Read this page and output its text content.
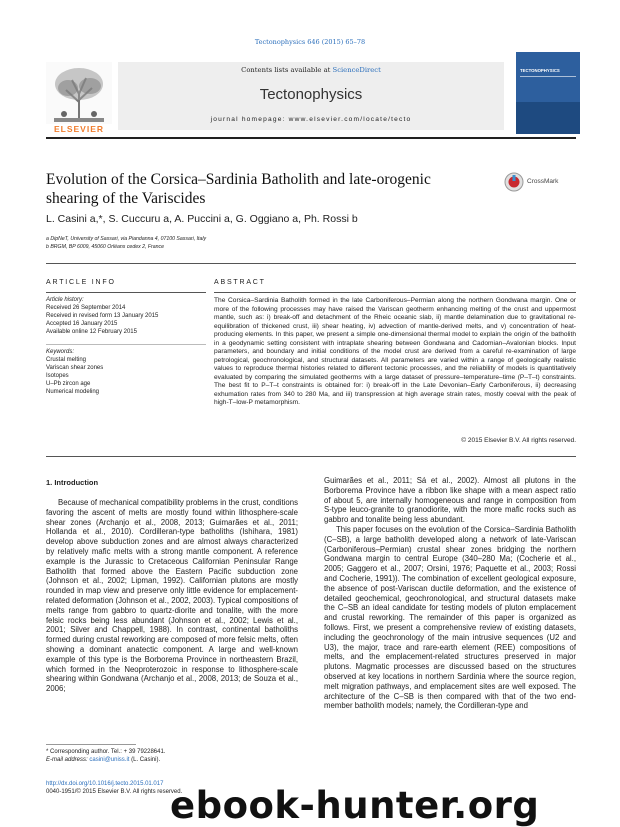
Tectonophysics 646 (2015) 65–78
ELSEVIER
Contents lists available at ScienceDirect
Tectonophysics
journal homepage: www.elsevier.com/locate/tecto
TECTONOPHYSICS
Evolution of the Corsica–Sardinia Batholith and late-orogenic shearing of the Variscides
CrossMark
L. Casini a,*, S. Cuccuru a, A. Puccini a, G. Oggiano a, Ph. Rossi b
a DipNeT, University of Sassari, via Piandanna 4, 07100 Sassari, Italy
b BRGM, BP 6009, 45060 Orléans cedex 2, France
ARTICLE INFO	ABSTRACT
Article history:
Received 26 September 2014
Received in revised form 13 January 2015
Accepted 16 January 2015
Available online 12 February 2015
Keywords:
Crustal melting
Variscan shear zones
Isotopes
U–Pb zircon age
Numerical modeling
The Corsica–Sardinia Batholith formed in the late Carboniferous–Permian along the northern Gondwana margin. One or more of the following processes may have raised the Variscan geotherm enhancing melting of the crust and uppermost mantle, such as: i) break-off and detachment of the Rheic oceanic slab, ii) mantle delamination due to gravitational re-equilibration of thickened crust, iii) shear heating, iv) advection of mantle-derived melts, and v) concentration of heat-producing elements. In this paper, we present a simple one-dimensional thermal model to explain the origin of the batholith in a geodynamic setting consistent with intraplate shearing between Gondwana and Cadomian–Avalonian blocks. Input parameters, and boundary and initial conditions of the model crust are derived from a careful re-examination of large petrological, geochronological, and structural datasets. All parameters are varied within a range of geologically realistic values to reproduce thermal histories related to different tectonic processes, and the reliability of models is quantitatively evaluated by comparing the simulated geotherms with a large dataset of pressure–temperature–time (P–T–t) constraints. The best fit to P–T–t constraints is obtained for: i) break-off in the Late Devonian–Early Carboniferous, ii) decreasing exhumation rates from 340 to 280 Ma, and iii) transpression at high average strain rates, mostly coeval with the peak of high-T–low-P metamorphism.
© 2015 Elsevier B.V. All rights reserved.
1. Introduction

Because of mechanical compatibility problems in the crust, conditions favoring the ascent of melts are mostly found within lithosphere-scale shear zones (Archanjo et al., 2008, 2013; Guimarães et al., 2011; Hollanda et al., 2010). Cordilleran-type batholiths (Ishihara, 1981) develop above subduction zones and are almost always characterized by relatively mafic melts with a strong mantle component. A reference example is the Jurassic to Cretaceous Californian Peninsular Range Batholith that formed above the Eastern Pacific subduction zone (Johnson et al., 2002; Lipman, 1992). Californian plutons are mostly rounded in map view and preserve only little evidence for emplacement-related deformation (Johnson et al., 2002, 2003). Typical compositions of melts range from gabbro to quartz-diorite and tonalite, with the more felsic rocks being less abundant (Johnson et al., 2002; Lewis et al., 2001; Silver and Chappell, 1988). In contrast, continental batholiths formed during crustal reworking are composed of more felsic melts, often showing a dominant anatectic component. A large and well-known example of this type is the Borborema Province in northeastern Brazil, which formed in the Neoproterozoic in response to lithosphere-scale shearing within Gondwana (Archanjo et al., 2008, 2013; de Souza et al., 2006;

Guimarães et al., 2011; Sá et al., 2002). Almost all plutons in the Borborema Province have a ribbon like shape with a mean aspect ratio of about 5, are internally homogeneous and range in composition from S-type leuco-granite to granodiorite, with the more mafic rocks such as gabbro and tonalite being less abundant.

This paper focuses on the evolution of the Corsica–Sardinia Batholith (C–SB), a large batholith developed along a network of late-Variscan (Carboniferous–Permian) crustal shear zones bridging the northern Gondwana margin to central Europe (340–280 Ma; (Cocherie et al., 2005; Gaggero et al., 2007; Orsini, 1976; Paquette et al., 2003; Rossi and Cocherie, 1991)). The combination of excellent geological exposure, the absence of post-Variscan ductile deformation, and the existence of detailed geochemical, geochronological, and structural datasets make the C–SB an ideal candidate for testing models of pluton emplacement and crustal reworking. The remainder of this paper is organized as follows. First, we present a comprehensive review of existing datasets, including the geochronology of the main intrusive sequences (U2 and U3), the major, trace and rare-earth element (REE) compositions of melts, and the emplacement-related structures preserved in major plutons. Magmatic processes are discussed based on the structures observed at key locations in northern Sardinia where the source region, melt migration pathways, and emplacement sites are well exposed. The architecture of the C–SB is then compared with that of the two end-member batholith models; namely, the Cordilleran-type and

* Corresponding author. Tel.: + 39 79228641.
E-mail address: casini@uniss.it (L. Casini).
http://dx.doi.org/10.1016/j.tecto.2015.01.017
0040-1951/© 2015 Elsevier B.V. All rights reserved.
ebook-hunter.org
